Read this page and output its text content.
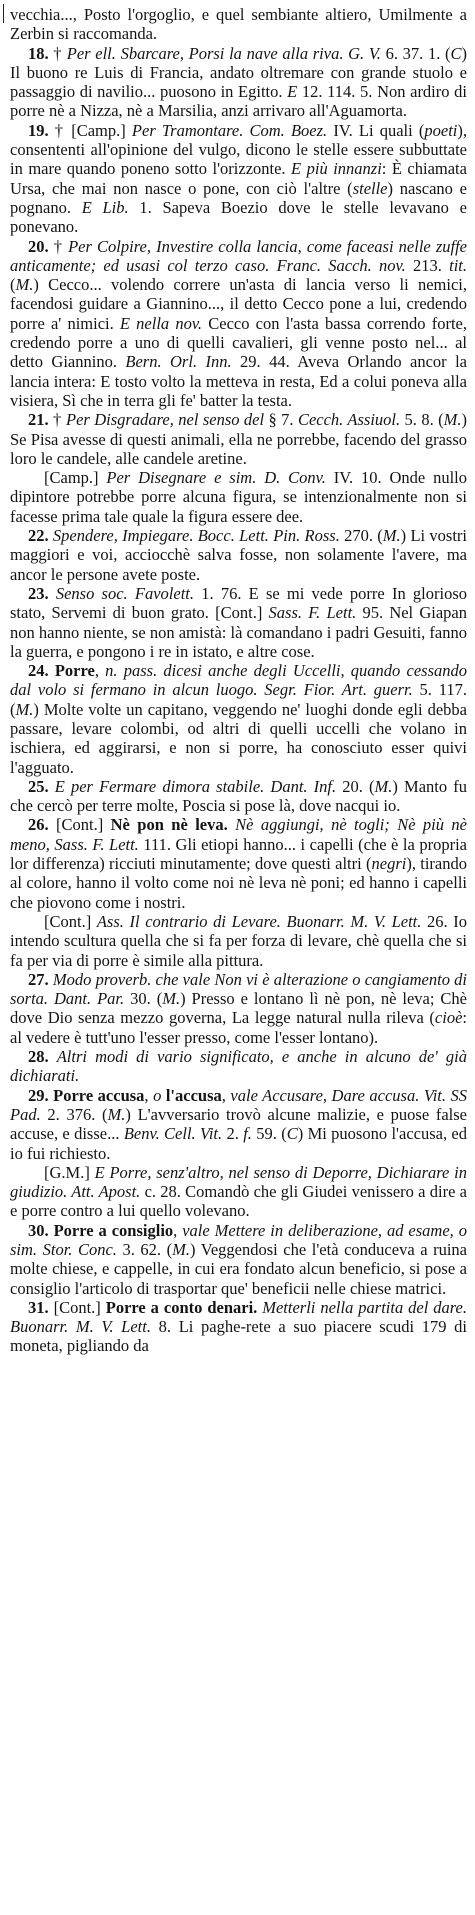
vecchia..., Posto l'orgoglio, e quel sembiante altiero, Umilmente a Zerbin si raccomanda.

18. † Per ell. Sbarcare, Porsi la nave alla riva. G. V. 6. 37. 1. (C) Il buono re Luis di Francia, andato oltremare con grande stuolo e passaggio di navilio... puosono in Egitto. E 12. 114. 5. Non ardiro di porre nè a Nizza, nè a Marsilia, anzi arrivaro all'Aguamorta.

19. † [Camp.] Per Tramontare. Com. Boez. IV. Li quali (poeti), consententi all'opinione del vulgo, dicono le stelle essere subbuttate in mare quando poneno sotto l'orizzonte. E più innanzi: È chiamata Ursa, che mai non nasce o pone, con ciò l'altre (stelle) nascano e pognano. E Lib. 1. Sapeva Boezio dove le stelle levavano e ponevano.

20. † Per Colpire, Investire colla lancia, come faceasi nelle zuffe anticamente; ed usasi col terzo caso. Franc. Sacch. nov. 213. tit. (M.) Cecco... volendo correre un'asta di lancia verso li nemici, facendosi guidare a Giannino..., il detto Cecco pone a lui, credendo porre a' nimici. E nella nov. Cecco con l'asta bassa correndo forte, credendo porre a uno di quelli cavalieri, gli venne posto nel... al detto Giannino. Bern. Orl. Inn. 29. 44. Aveva Orlando ancor la lancia intera: E tosto volto la metteva in resta, Ed a colui poneva alla visiera, Sì che in terra gli fe' batter la testa.

21. † Per Disgradare, nel senso del § 7. Cecch. Assiuol. 5. 8. (M.) Se Pisa avesse di questi animali, ella ne porrebbe, facendo del grasso loro le candele, alle candele aretine.

[Camp.] Per Disegnare e sim. D. Conv. IV. 10. Onde nullo dipintore potrebbe porre alcuna figura, se intenzionalmente non si facesse prima tale quale la figura essere dee.

22. Spendere, Impiegare. Bocc. Lett. Pin. Ross. 270. (M.) Li vostri maggiori e voi, acciocchè salva fosse, non solamente l'avere, ma ancor le persone avete poste.

23. Senso soc. Favolett. 1. 76. E se mi vede porre In glorioso stato, Servemi di buon grato. [Cont.] Sass. F. Lett. 95. Nel Giapan non hanno niente, se non amistà: là comandano i padri Gesuiti, fanno la guerra, e pongono i re in istato, e altre cose.

24. Porre, n. pass. dicesi anche degli Uccelli, quando cessando dal volo si fermano in alcun luogo. Segr. Fior. Art. guerr. 5. 117. (M.) Molte volte un capitano, veggendo ne' luoghi donde egli debba passare, levare colombi, od altri di quelli uccelli che volano in ischiera, ed aggirarsi, e non si porre, ha conosciuto esser quivi l'agguato.

25. E per Fermare dimora stabile. Dant. Inf. 20. (M.) Manto fu che cercò per terre molte, Poscia si pose là, dove nacqui io.

26. [Cont.] Nè pon nè leva. Nè aggiungi, nè togli; Nè più nè meno, Sass. F. Lett. 111. Gli etiopi hanno... i capelli (che è la propria lor differenza) ricciuti minutamente; dove questi altri (negri), tirando al colore, hanno il volto come noi nè leva nè poni; ed hanno i capelli che piovono come i nostri.

[Cont.] Ass. Il contrario di Levare. Buonarr. M. V. Lett. 26. Io intendo scultura quella che si fa per forza di levare, chè quella che si fa per via di porre è simile alla pittura.

27. Modo proverb. che vale Non vi è alterazione o cangiamento di sorta. Dant. Par. 30. (M.) Presso e lontano lì nè pon, nè leva; Chè dove Dio senza mezzo governa, La legge natural nulla rileva (cioè: al vedere è tutt'uno l'esser presso, come l'esser lontano).

28. Altri modi di vario significato, e anche in alcuno de' già dichiarati.

29. Porre accusa, o l'accusa, vale Accusare, Dare accusa. Vit. SS Pad. 2. 376. (M.) L'avversario trovò alcune malizie, e puose false accuse, e disse... Benv. Cell. Vit. 2. f. 59. (C) Mi puosono l'accusa, ed io fui richiesto.

[G.M.] E Porre, senz'altro, nel senso di Deporre, Dichiarare in giudizio. Att. Apost. c. 28. Comandò che gli Giudei venissero a dire a e porre contro a lui quello volevano.

30. Porre a consiglio, vale Mettere in deliberazione, ad esame, o sim. Stor. Conc. 3. 62. (M.) Veggendosi che l'età conduceva a ruina molte chiese, e cappelle, in cui era fondato alcun beneficio, si pose a consiglio l'articolo di trasportar que' beneficii nelle chiese matrici.

31. [Cont.] Porre a conto denari. Metterli nella partita del dare. Buonarr. M. V. Lett. 8. Li paghe-rete a suo piacere scudi 179 di moneta, pigliando da
